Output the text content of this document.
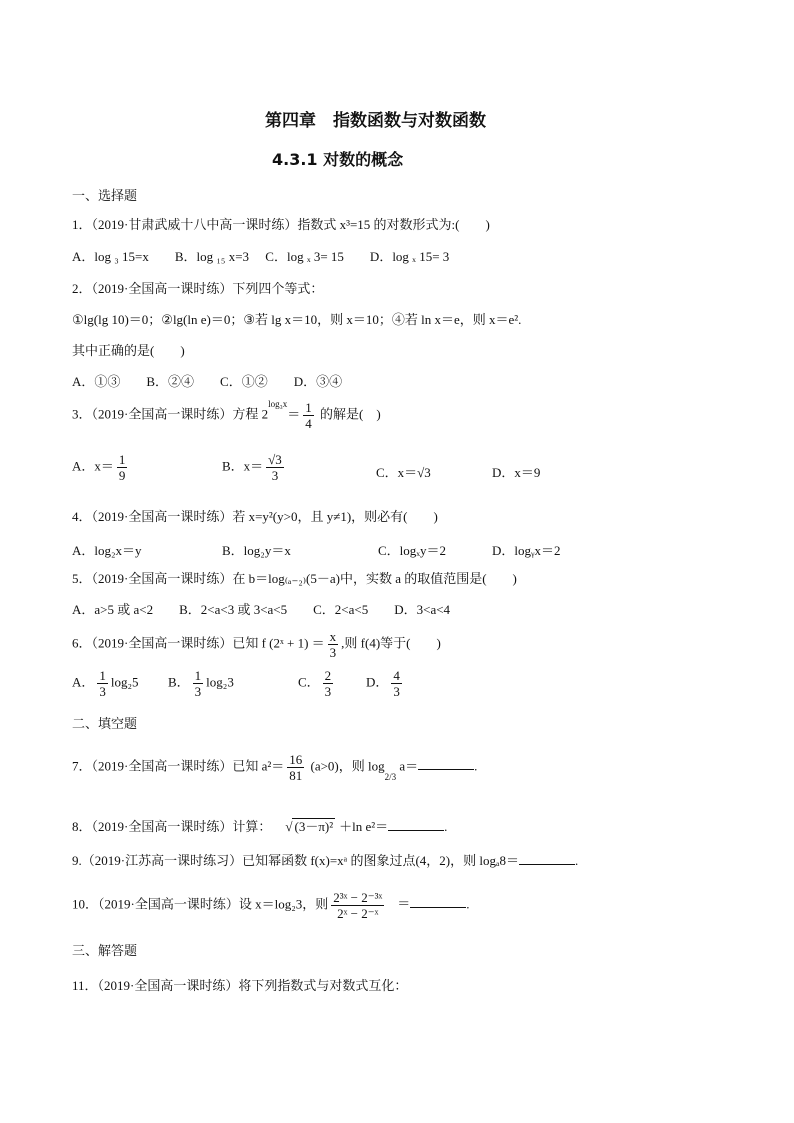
第四章　指数函数与对数函数
4.3.1 对数的概念
一、选择题
1．（2019·甘肃武威十八中高一课时练）指数式 x³=15 的对数形式为:(　　)
A．log ₃ 15=x　　B．log ₁₅ x=3　 C．log ₓ 3= 15　　D．log ₓ 15= 3
2．（2019·全国高一课时练）下列四个等式：
①lg(lg 10)＝0；②lg(ln e)＝0；③若 lg x＝10，则 x＝10；④若 ln x＝e，则 x＝e².
其中正确的是(　　)
A．①③　　B．②④　　C．①②　　D．③④
3．（2019·全国高一课时练）方程 $2^{log_3x}= \frac{1}{4}$ 的解是(　)
A．$x= \frac{1}{9}$	B．$x= \frac{√3}{3}$	C．x＝√3	D．x＝9
4．（2019·全国高一课时练）若 x=y²(y>0，且 y≠1)，则必有(　　)
A．log₂x＝y	B．log₂y＝x	C．logₓy＝2	D．logᵧx＝2
5．（2019·全国高一课时练）在 b＝log₍ₐ₋₂₎(5－a)中，实数 a 的取值范围是(　　)
A．a>5 或 a<2　　B．2<a<3 或 3<a<5　　C．2<a<5　　D．3<a<4
6．（2019·全国高一课时练）已知 f (2ˣ + $1) = \frac{x}{3}$ ,则 f(4)等于(　　)
A． $\frac{1}{3} \log_25$ B． $\frac{1}{3} \log_23$	C． $\frac{2}{3}$	D． $\frac{4}{3}$
二、填空题
7．（2019·全国高一课时练）已知 $a^2= \frac{16}{81} (a>0)$，则 $\log_{2/3} a=$	.
8．（2019·全国高一课时练）计算： √ (3－π)² ＋ln e²＝	.
9.（2019·江苏高一课时练习）已知幂函数 f(x)=xᵃ 的图象过点(4，2)，则 logₐ8＝	.
10．（2019·全国高一课时练）设 x＝log₂3，则 $\frac{\text{2³ˣ − 2⁻³ˣ}}{\text{2ˣ − 2⁻ˣ}}$ ＝	.
三、解答题
11．（2019·全国高一课时练）将下列指数式与对数式互化：
